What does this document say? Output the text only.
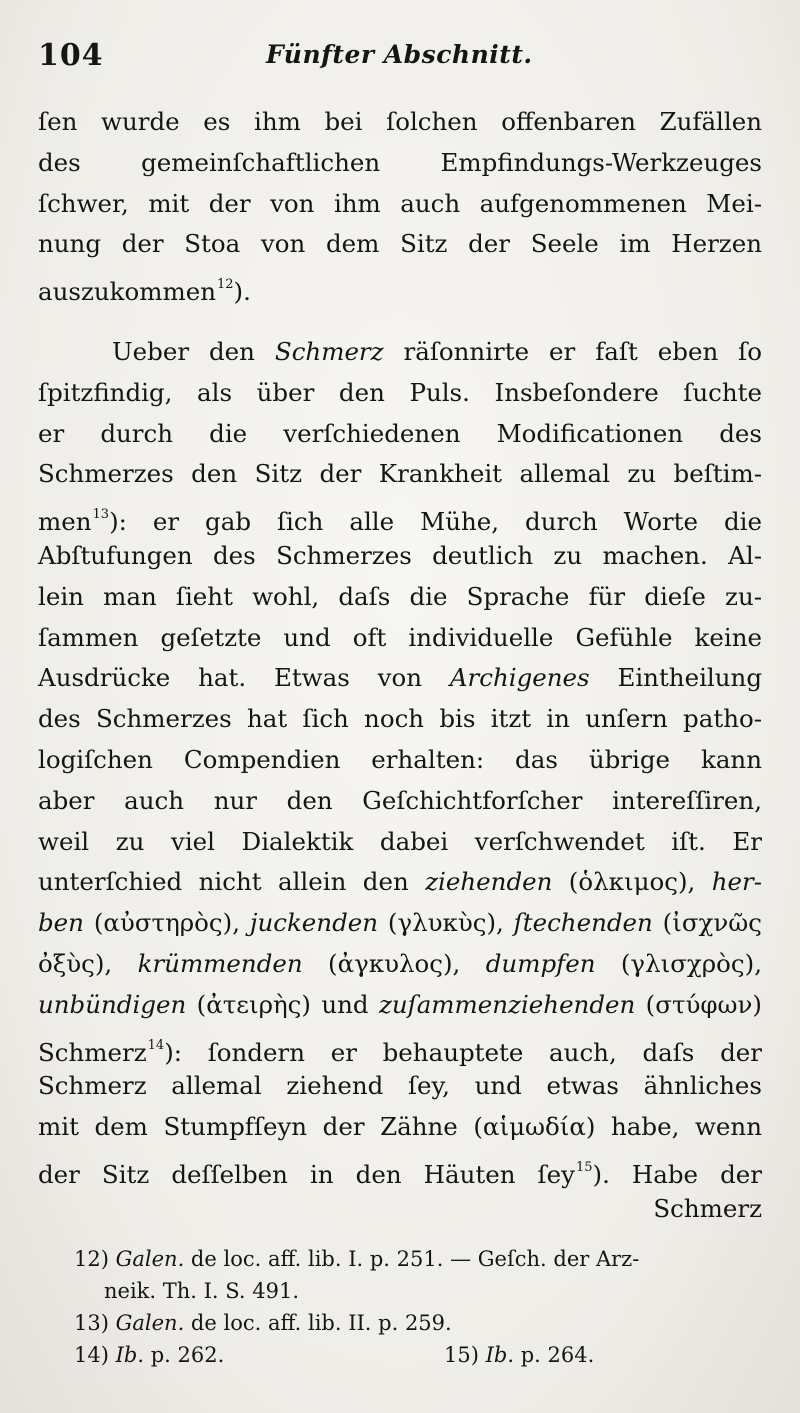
104	Fünfter Abschnitt.
ſen wurde es ihm bei ſolchen offenbaren Zufällen
des gemeinſchaftlichen Empfindungs-Werkzeuges
ſchwer, mit der von ihm auch aufgenommenen Mei-
nung der Stoa von dem Sitz der Seele im Herzen
auszukommen$^{12}$).
Ueber den Schmerz räſonnirte er faſt eben ſo
ſpitzfindig, als über den Puls. Insbeſondere ſuchte
er durch die verſchiedenen Modificationen des
Schmerzes den Sitz der Krankheit allemal zu beſtim-
men$^{13}$): er gab ſich alle Mühe, durch Worte die
Abſtufungen des Schmerzes deutlich zu machen. Al-
lein man ſieht wohl, daſs die Sprache für dieſe zu-
ſammen geſetzte und oft individuelle Gefühle keine
Ausdrücke hat. Etwas von Archigenes Eintheilung
des Schmerzes hat ſich noch bis itzt in unſern patho-
logiſchen Compendien erhalten: das übrige kann
aber auch nur den Geſchichtforſcher intereſſiren,
weil zu viel Dialektik dabei verſchwendet iſt. Er
unterſchied nicht allein den ziehenden (ὁλκιμος), her-
ben (αὐστηρὸς), juckenden (γλυκὺς), ſtechenden (ἰσχνῶς
ὀξὺς), krümmenden (ἀγκυλος), dumpfen (γλισχρὸς),
unbündigen (ἀτειρὴς) und zuſammenziehenden (στύφων)
Schmerz$^{14}$): ſondern er behauptete auch, daſs der
Schmerz allemal ziehend ſey, und etwas ähnliches
mit dem Stumpfſeyn der Zähne (αἱμωδία) habe, wenn
der Sitz deſſelben in den Häuten ſey$^{15}$). Habe der
Schmerz
12) Galen. de loc. aff. lib. I. p. 251. — Geſch. der Arz-
neik. Th. I. S. 491.
13) Galen. de loc. aff. lib. II. p. 259.
14) Ib. p. 262.	15) Ib. p. 264.
